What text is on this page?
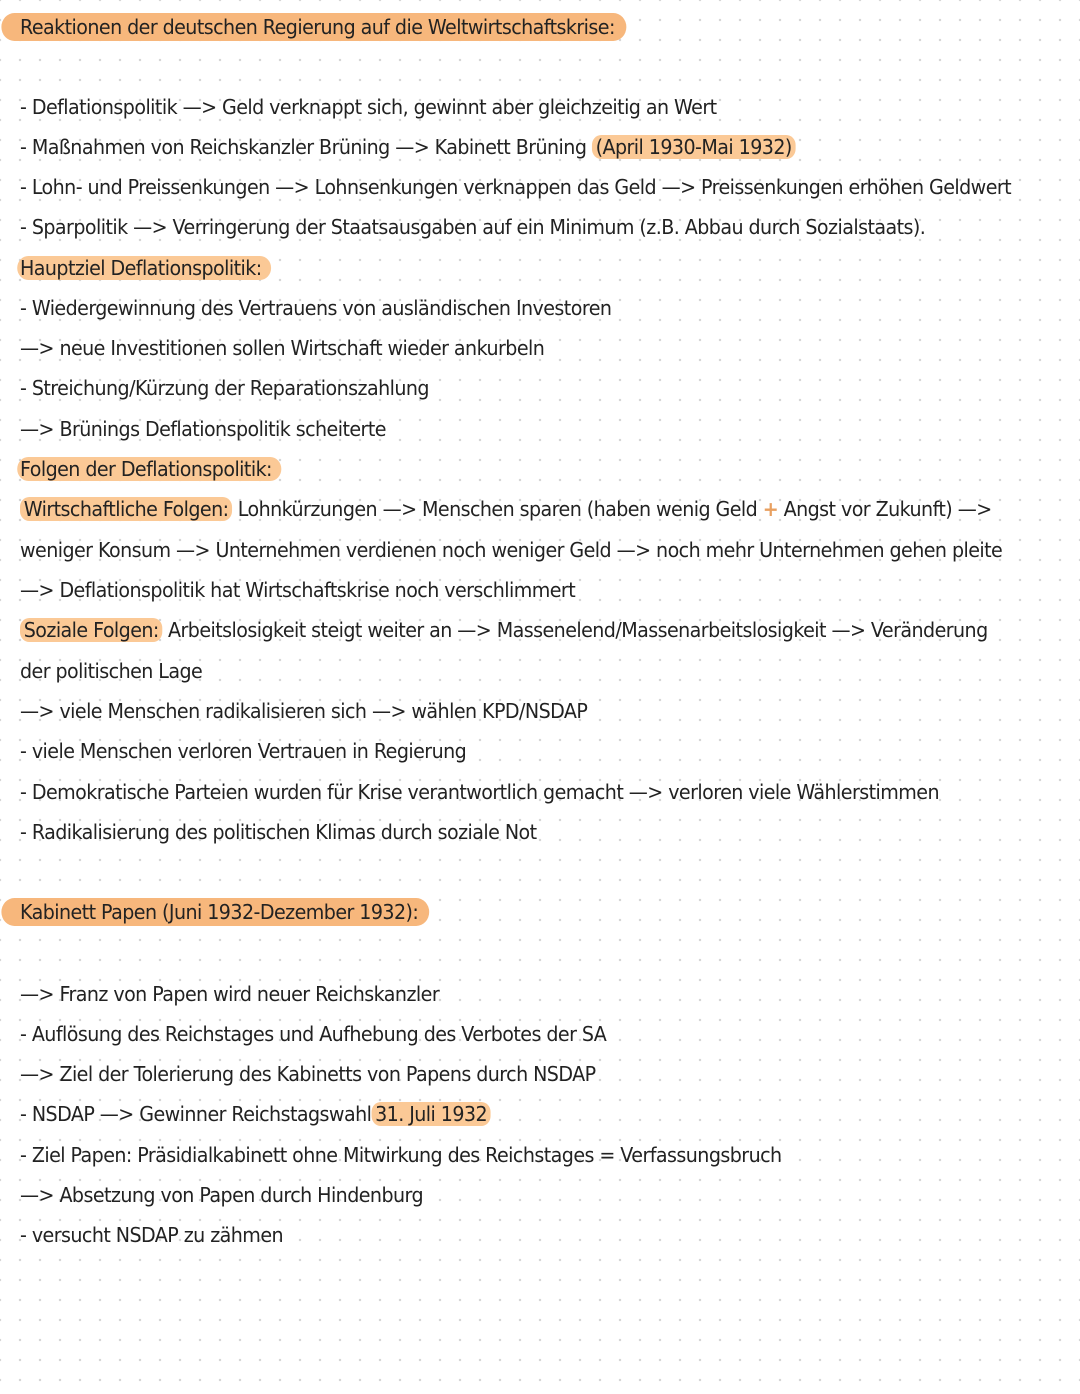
Reaktionen der deutschen Regierung auf die Weltwirtschaftskrise:
- Deflationspolitik —> Geld verknappt sich, gewinnt aber gleichzeitig an Wert
- Maßnahmen von Reichskanzler Brüning —> Kabinett Brüning (April 1930-Mai 1932)
- Lohn- und Preissenkungen —> Lohnsenkungen verknappen das Geld —> Preissenkungen erhöhen Geldwert
- Sparpolitik —> Verringerung der Staatsausgaben auf ein Minimum (z.B. Abbau durch Sozialstaats).
Hauptziel Deflationspolitik:
- Wiedergewinnung des Vertrauens von ausländischen Investoren
—> neue Investitionen sollen Wirtschaft wieder ankurbeln
- Streichung/Kürzung der Reparationszahlung
—> Brünings Deflationspolitik scheiterte
Folgen der Deflationspolitik:
Wirtschaftliche Folgen: Lohnkürzungen —> Menschen sparen (haben wenig Geld + Angst vor Zukunft) —>
weniger Konsum —> Unternehmen verdienen noch weniger Geld —> noch mehr Unternehmen gehen pleite
—> Deflationspolitik hat Wirtschaftskrise noch verschlimmert
Soziale Folgen: Arbeitslosigkeit steigt weiter an —> Massenelend/Massenarbeitslosigkeit —> Veränderung
der politischen Lage
—> viele Menschen radikalisieren sich —> wählen KPD/NSDAP
- viele Menschen verloren Vertrauen in Regierung
- Demokratische Parteien wurden für Krise verantwortlich gemacht —> verloren viele Wählerstimmen
- Radikalisierung des politischen Klimas durch soziale Not
Kabinett Papen (Juni 1932-Dezember 1932):
—> Franz von Papen wird neuer Reichskanzler
- Auflösung des Reichstages und Aufhebung des Verbotes der SA
—> Ziel der Tolerierung des Kabinetts von Papens durch NSDAP
- NSDAP —> Gewinner Reichstagswahl 31. Juli 1932
- Ziel Papen: Präsidialkabinett ohne Mitwirkung des Reichstages = Verfassungsbruch
—> Absetzung von Papen durch Hindenburg
- versucht NSDAP zu zähmen
